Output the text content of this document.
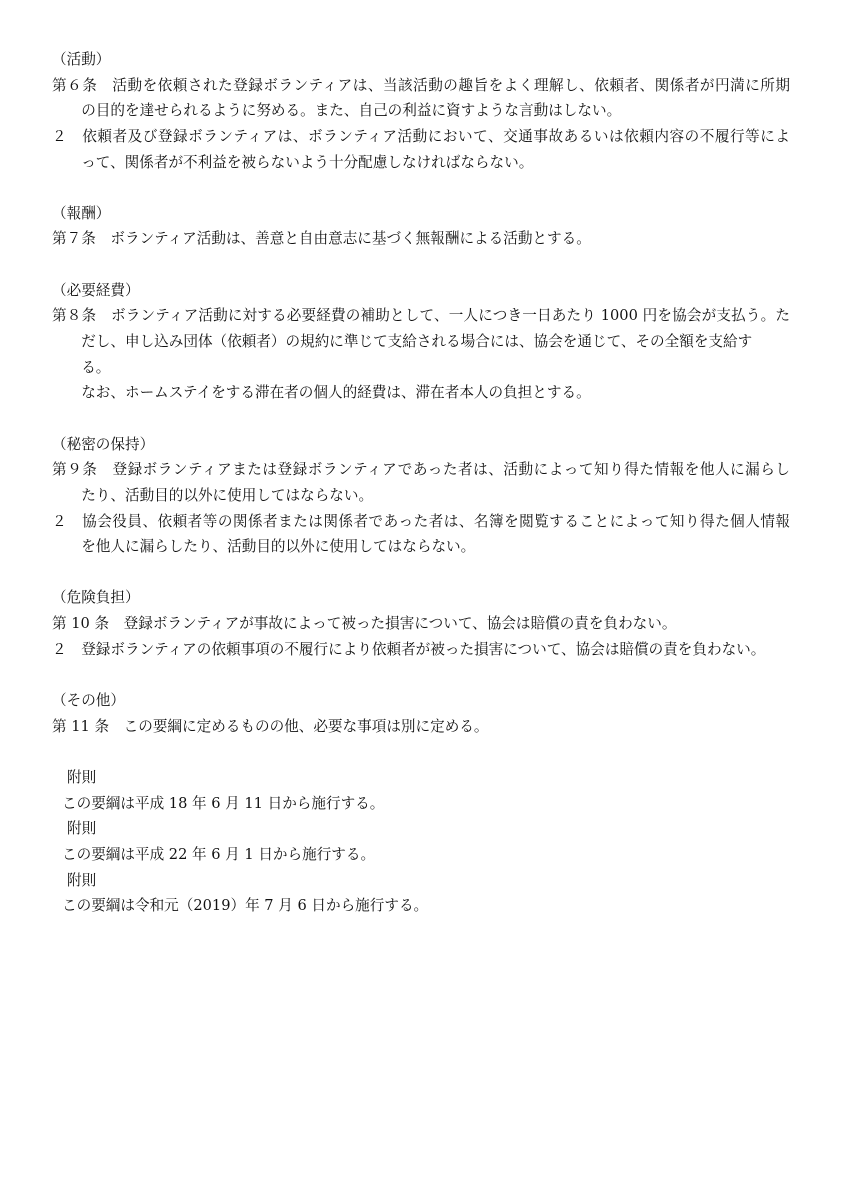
（活動）
第６条　活動を依頼された登録ボランティアは、当該活動の趣旨をよく理解し、依頼者、関係者が円満に所期
の目的を達せられるように努める。また、自己の利益に資すような言動はしない。
２　依頼者及び登録ボランティアは、ボランティア活動において、交通事故あるいは依頼内容の不履行等によ
って、関係者が不利益を被らないよう十分配慮しなければならない。
（報酬）
第７条　ボランティア活動は、善意と自由意志に基づく無報酬による活動とする。
（必要経費）
第８条　ボランティア活動に対する必要経費の補助として、一人につき一日あたり 1000 円を協会が支払う。た
だし、申し込み団体（依頼者）の規約に準じて支給される場合には、協会を通じて、その全額を支給す
る。
なお、ホームステイをする滞在者の個人的経費は、滞在者本人の負担とする。
（秘密の保持）
第９条　登録ボランティアまたは登録ボランティアであった者は、活動によって知り得た情報を他人に漏らし
たり、活動目的以外に使用してはならない。
２　協会役員、依頼者等の関係者または関係者であった者は、名簿を閲覧することによって知り得た個人情報
を他人に漏らしたり、活動目的以外に使用してはならない。
（危険負担）
第 10 条　登録ボランティアが事故によって被った損害について、協会は賠償の責を負わない。
２　登録ボランティアの依頼事項の不履行により依頼者が被った損害について、協会は賠償の責を負わない。
（その他）
第 11 条　この要綱に定めるものの他、必要な事項は別に定める。
附則
この要綱は平成 18 年 6 月 11 日から施行する。
附則
この要綱は平成 22 年 6 月 1 日から施行する。
附則
この要綱は令和元（2019）年 7 月 6 日から施行する。
